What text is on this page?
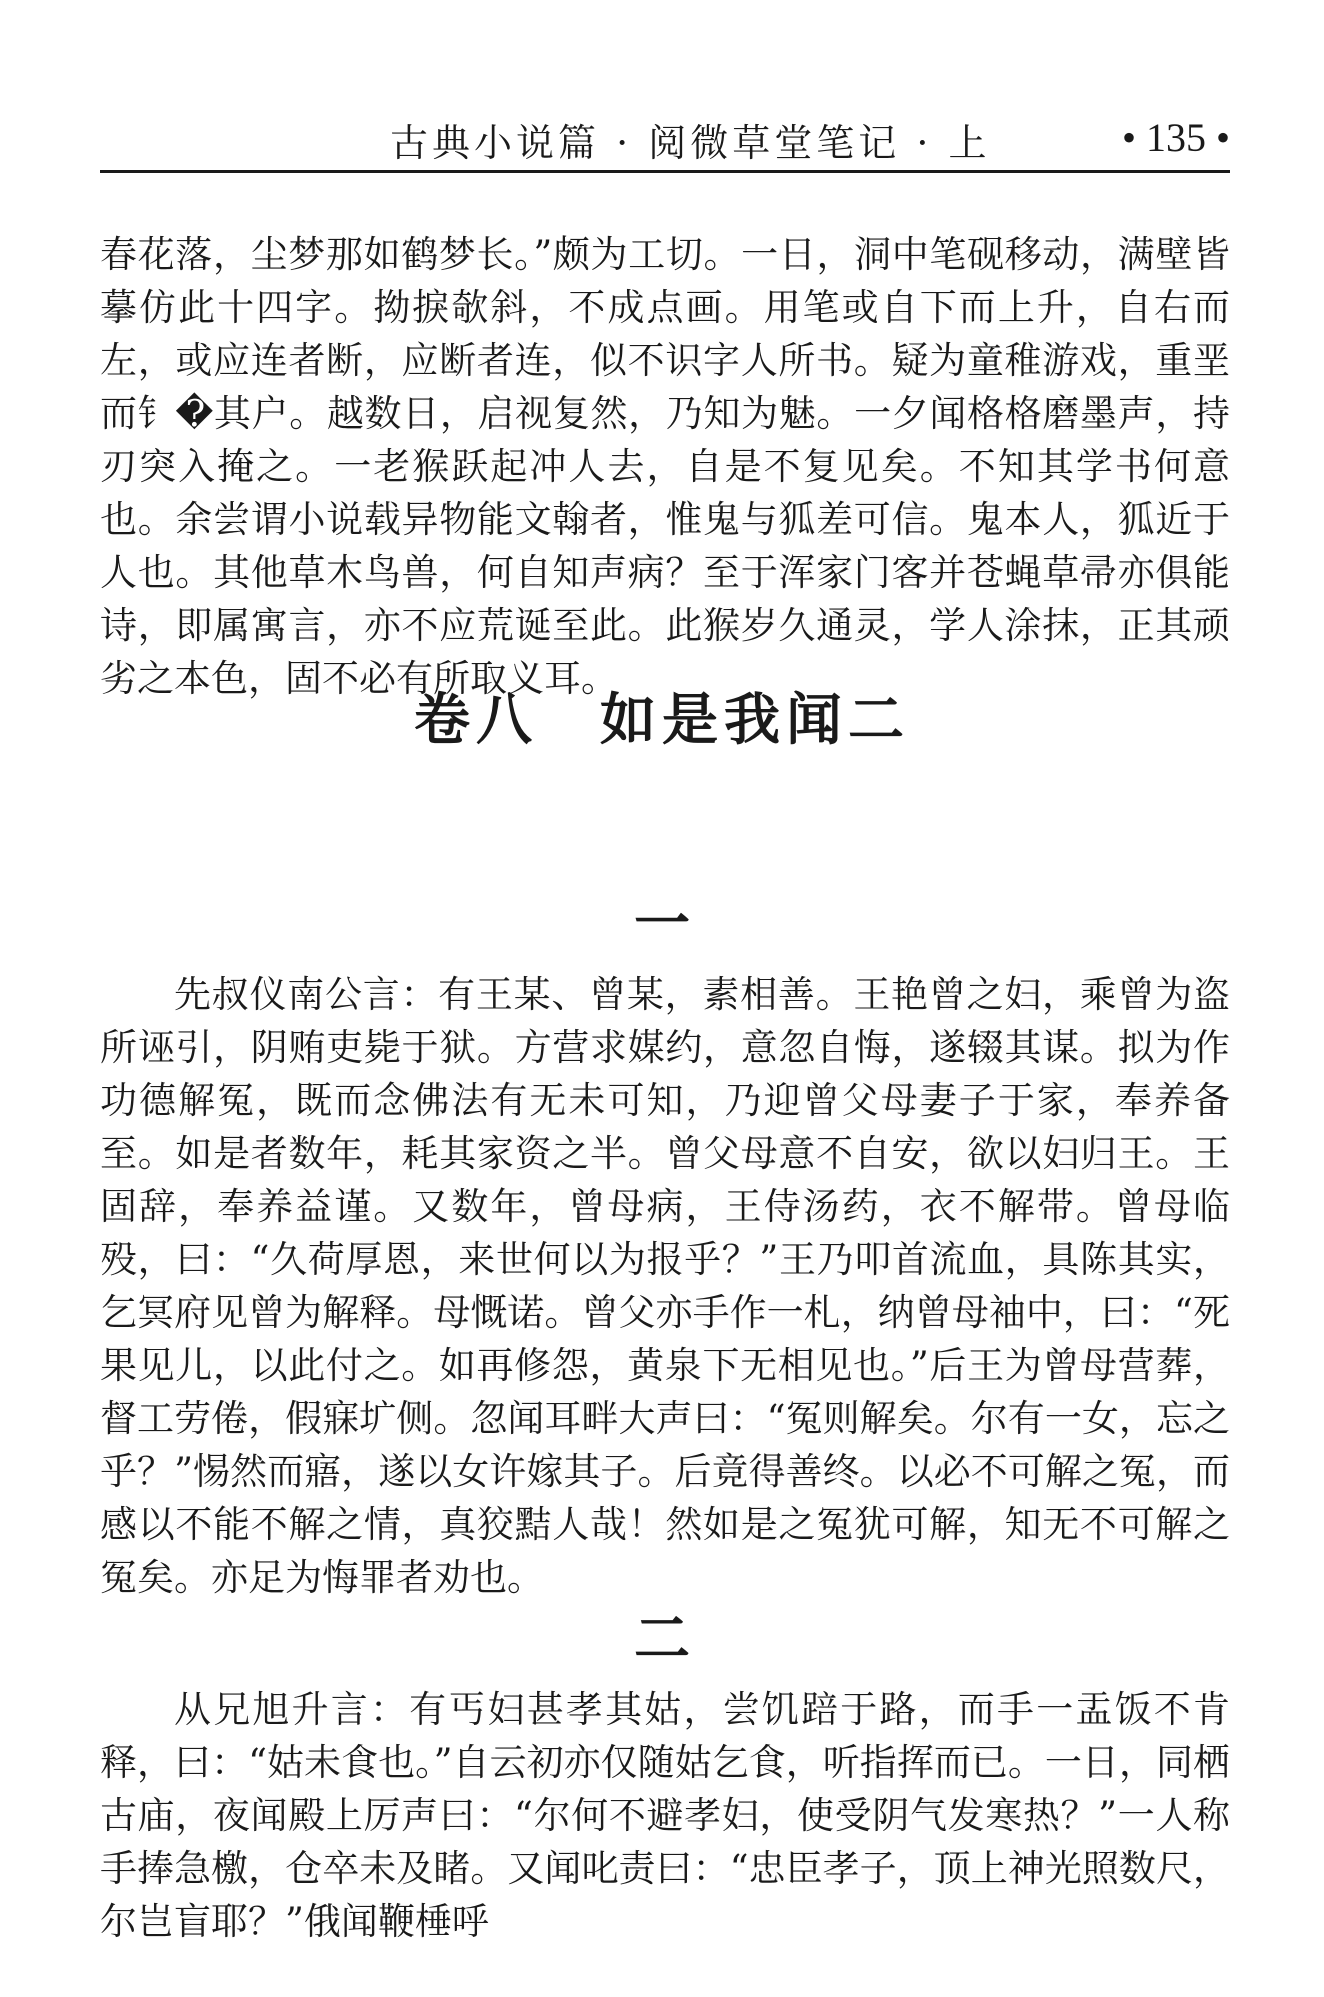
古典小说篇 · 阅微草堂笔记 · 上	• 135 •

春花落，尘梦那如鹤梦长。”颇为工切。一日，洞中笔砚移动，满壁皆摹仿此十四字。拗捩欹斜，不成点画。用笔或自下而上升，自右而左，或应连者断，应断者连，似不识字人所书。疑为童稚游戏，重垩而钅�其户。越数日，启视复然，乃知为魅。一夕闻格格磨墨声，持刃突入掩之。一老猴跃起冲人去，自是不复见矣。不知其学书何意也。余尝谓小说载异物能文翰者，惟鬼与狐差可信。鬼本人，狐近于人也。其他草木鸟兽，何自知声病？至于浑家门客并苍蝇草帚亦俱能诗，即属寓言，亦不应荒诞至此。此猴岁久通灵，学人涂抹，正其顽劣之本色，固不必有所取义耳。

卷八　如是我闻二
一

先叔仪南公言：有王某、曾某，素相善。王艳曾之妇，乘曾为盗所诬引，阴贿吏毙于狱。方营求媒约，意忽自悔，遂辍其谋。拟为作功德解冤，既而念佛法有无未可知，乃迎曾父母妻子于家，奉养备至。如是者数年，耗其家资之半。曾父母意不自安，欲以妇归王。王固辞，奉养益谨。又数年，曾母病，王侍汤药，衣不解带。曾母临殁，曰：“久荷厚恩，来世何以为报乎？”王乃叩首流血，具陈其实，乞冥府见曾为解释。母慨诺。曾父亦手作一札，纳曾母袖中，曰：“死果见儿，以此付之。如再修怨，黄泉下无相见也。”后王为曾母营葬，督工劳倦，假寐圹侧。忽闻耳畔大声曰：“冤则解矣。尔有一女，忘之乎？”惕然而寤，遂以女许嫁其子。后竟得善终。以必不可解之冤，而感以不能不解之情，真狡黠人哉！然如是之冤犹可解，知无不可解之冤矣。亦足为悔罪者劝也。

二

从兄旭升言：有丐妇甚孝其姑，尝饥踣于路，而手一盂饭不肯释，曰：“姑未食也。”自云初亦仅随姑乞食，听指挥而已。一日，同栖古庙，夜闻殿上厉声曰：“尔何不避孝妇，使受阴气发寒热？”一人称手捧急檄，仓卒未及睹。又闻叱责曰：“忠臣孝子，顶上神光照数尺，尔岂盲耶？”俄闻鞭棰呼
